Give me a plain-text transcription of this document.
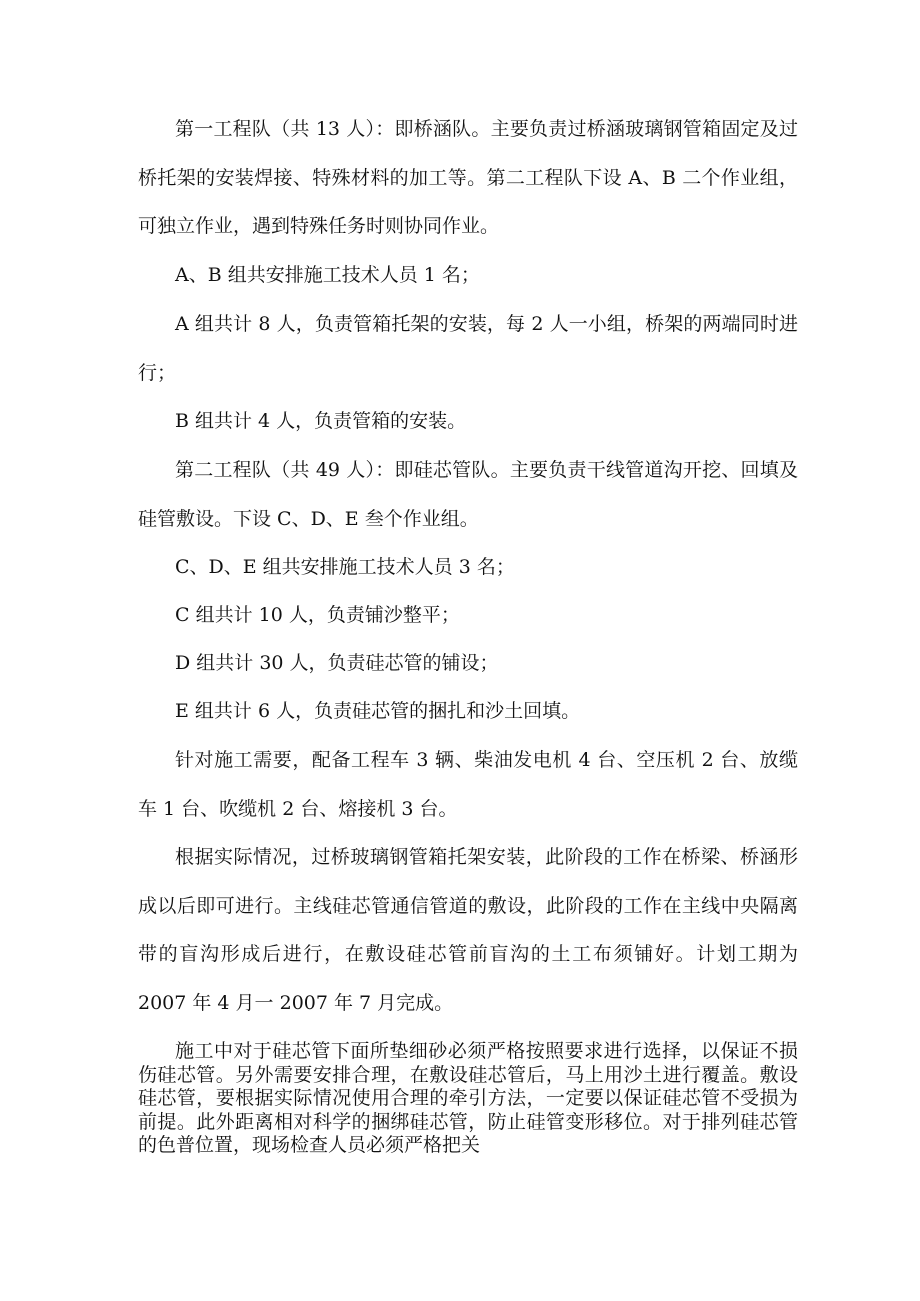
第一工程队（共 13 人）：即桥涵队。主要负责过桥涵玻璃钢管箱固定及过桥托架的安装焊接、特殊材料的加工等。第二工程队下设 A、B 二个作业组，可独立作业，遇到特殊任务时则协同作业。

A、B 组共安排施工技术人员 1 名；

A 组共计 8 人，负责管箱托架的安装，每 2 人一小组，桥架的两端同时进行；

B 组共计 4 人，负责管箱的安装。

第二工程队（共 49 人）：即硅芯管队。主要负责干线管道沟开挖、回填及硅管敷设。下设 C、D、E 叁个作业组。

C、D、E 组共安排施工技术人员 3 名；

C 组共计 10 人，负责铺沙整平；

D 组共计 30 人，负责硅芯管的铺设；

E 组共计 6 人，负责硅芯管的捆扎和沙土回填。

针对施工需要，配备工程车 3 辆、柴油发电机 4 台、空压机 2 台、放缆车 1 台、吹缆机 2 台、熔接机 3 台。

根据实际情况，过桥玻璃钢管箱托架安装，此阶段的工作在桥梁、桥涵形成以后即可进行。主线硅芯管通信管道的敷设，此阶段的工作在主线中央隔离带的盲沟形成后进行，在敷设硅芯管前盲沟的土工布须铺好。计划工期为 2007 年 4 月一 2007 年 7 月完成。

施工中对于硅芯管下面所垫细砂必须严格按照要求进行选择，以保证不损伤硅芯管。另外需要安排合理，在敷设硅芯管后，马上用沙土进行覆盖。敷设硅芯管，要根据实际情况使用合理的牵引方法，一定要以保证硅芯管不受损为前提。此外距离相对科学的捆绑硅芯管，防止硅管变形移位。对于排列硅芯管的色普位置，现场检查人员必须严格把关
